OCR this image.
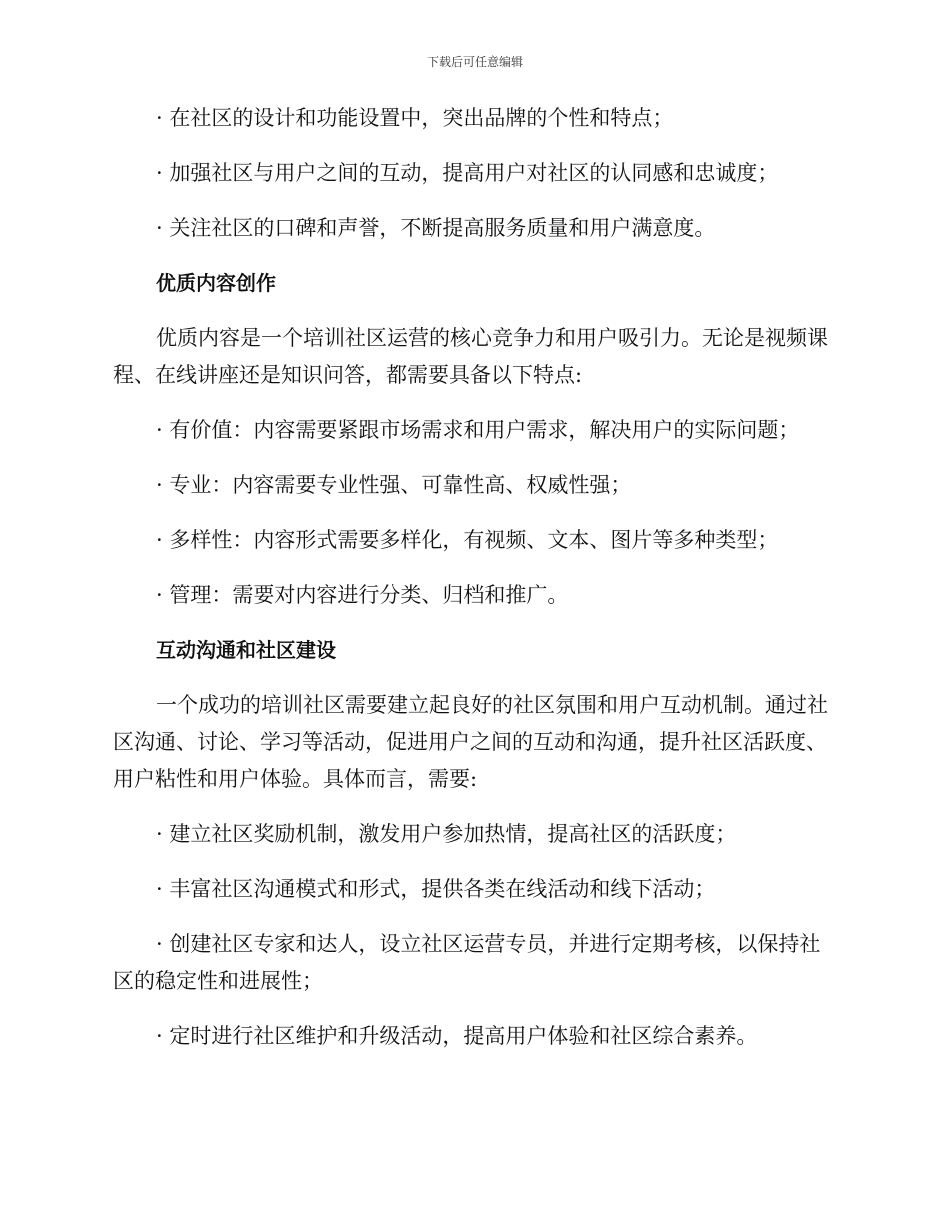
下载后可任意编辑

· 在社区的设计和功能设置中，突出品牌的个性和特点；

· 加强社区与用户之间的互动，提高用户对社区的认同感和忠诚度；

· 关注社区的口碑和声誉，不断提高服务质量和用户满意度。

优质内容创作

优质内容是一个培训社区运营的核心竞争力和用户吸引力。无论是视频课程、在线讲座还是知识问答，都需要具备以下特点:

· 有价值：内容需要紧跟市场需求和用户需求，解决用户的实际问题；

· 专业：内容需要专业性强、可靠性高、权威性强；

· 多样性：内容形式需要多样化，有视频、文本、图片等多种类型；

· 管理：需要对内容进行分类、归档和推广。

互动沟通和社区建设

一个成功的培训社区需要建立起良好的社区氛围和用户互动机制。通过社区沟通、讨论、学习等活动，促进用户之间的互动和沟通，提升社区活跃度、用户粘性和用户体验。具体而言，需要:

· 建立社区奖励机制，激发用户参加热情，提高社区的活跃度；

· 丰富社区沟通模式和形式，提供各类在线活动和线下活动；

· 创建社区专家和达人，设立社区运营专员，并进行定期考核，以保持社区的稳定性和进展性；

· 定时进行社区维护和升级活动，提高用户体验和社区综合素养。
